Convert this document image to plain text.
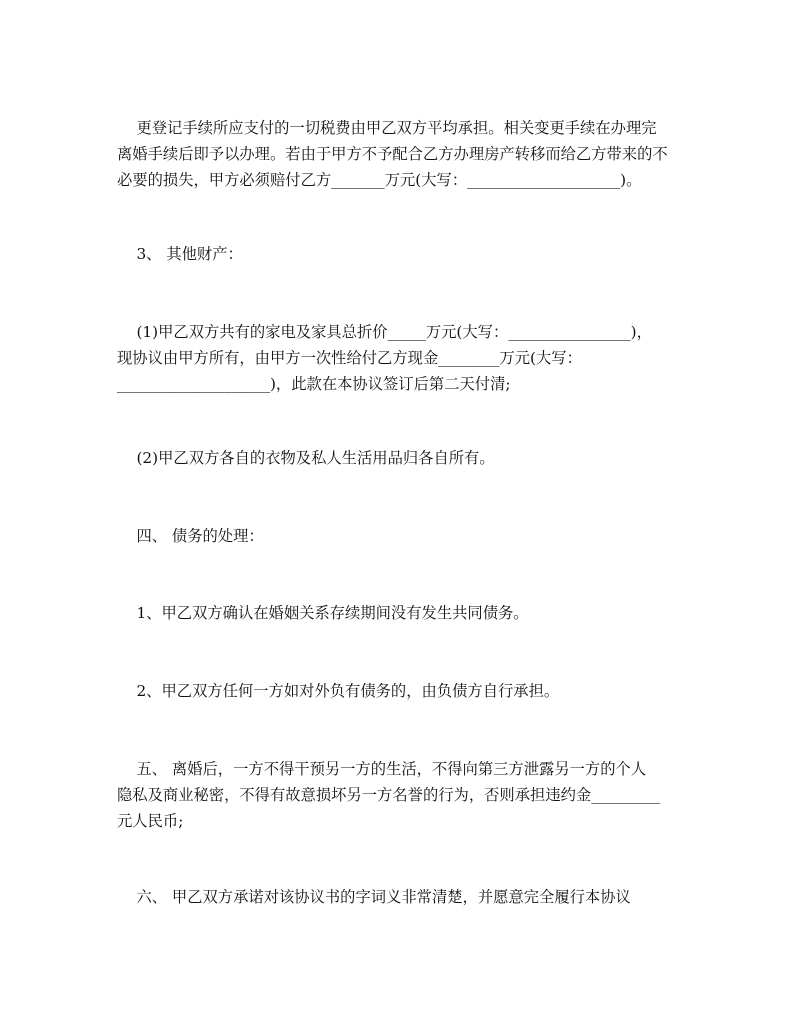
更登记手续所应支付的一切税费由甲乙双方平均承担。相关变更手续在办理完
离婚手续后即予以办理。若由于甲方不予配合乙方办理房产转移而给乙方带来的不
必要的损失，甲方必须赔付乙方_______万元(大写：____________________)。

3、 其他财产：

(1)甲乙双方共有的家电及家具总折价_____万元(大写：________________)，
现协议由甲方所有，由甲方一次性给付乙方现金________万元(大写：
____________________)，此款在本协议签订后第二天付清;

(2)甲乙双方各自的衣物及私人生活用品归各自所有。

四、 债务的处理：

1、甲乙双方确认在婚姻关系存续期间没有发生共同债务。

2、甲乙双方任何一方如对外负有债务的，由负债方自行承担。

五、 离婚后，一方不得干预另一方的生活，不得向第三方泄露另一方的个人
隐私及商业秘密，不得有故意损坏另一方名誉的行为，否则承担违约金_________
元人民币;

六、 甲乙双方承诺对该协议书的字词义非常清楚，并愿意完全履行本协议
